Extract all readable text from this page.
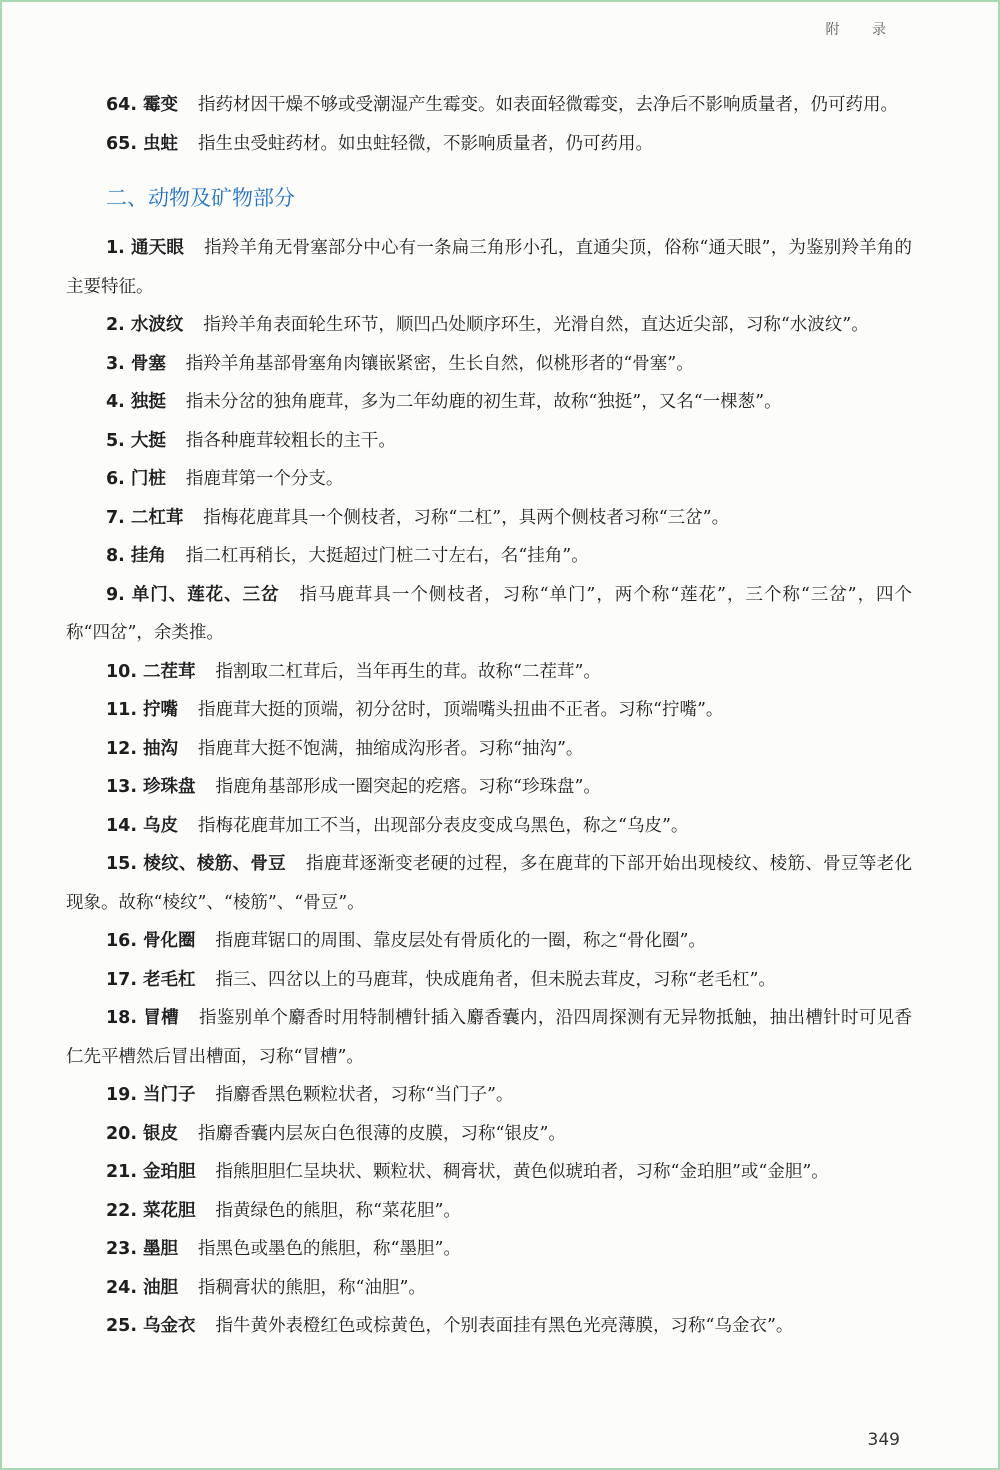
附 录

64. 霉变 指药材因干燥不够或受潮湿产生霉变。如表面轻微霉变，去净后不影响质量者，仍可药用。

65. 虫蛀 指生虫受蛀药材。如虫蛀轻微，不影响质量者，仍可药用。

二、动物及矿物部分

1. 通天眼 指羚羊角无骨塞部分中心有一条扁三角形小孔，直通尖顶，俗称“通天眼”，为鉴别羚羊角的主要特征。

2. 水波纹 指羚羊角表面轮生环节，顺凹凸处顺序环生，光滑自然，直达近尖部，习称“水波纹”。

3. 骨塞 指羚羊角基部骨塞角肉镶嵌紧密，生长自然，似桃形者的“骨塞”。

4. 独挺 指未分岔的独角鹿茸，多为二年幼鹿的初生茸，故称“独挺”，又名“一棵葱”。

5. 大挺 指各种鹿茸较粗长的主干。

6. 门桩 指鹿茸第一个分支。

7. 二杠茸 指梅花鹿茸具一个侧枝者，习称“二杠”，具两个侧枝者习称“三岔”。

8. 挂角 指二杠再稍长，大挺超过门桩二寸左右，名“挂角”。

9. 单门、莲花、三岔 指马鹿茸具一个侧枝者，习称“单门”，两个称“莲花”，三个称“三岔”，四个称“四岔”，余类推。

10. 二茬茸 指割取二杠茸后，当年再生的茸。故称“二茬茸”。

11. 拧嘴 指鹿茸大挺的顶端，初分岔时，顶端嘴头扭曲不正者。习称“拧嘴”。

12. 抽沟 指鹿茸大挺不饱满，抽缩成沟形者。习称“抽沟”。

13. 珍珠盘 指鹿角基部形成一圈突起的疙瘩。习称“珍珠盘”。

14. 乌皮 指梅花鹿茸加工不当，出现部分表皮变成乌黑色，称之“乌皮”。

15. 棱纹、棱筋、骨豆 指鹿茸逐渐变老硬的过程，多在鹿茸的下部开始出现棱纹、棱筋、骨豆等老化现象。故称“棱纹”、“棱筋”、“骨豆”。

16. 骨化圈 指鹿茸锯口的周围、靠皮层处有骨质化的一圈，称之“骨化圈”。

17. 老毛杠 指三、四岔以上的马鹿茸，快成鹿角者，但未脱去茸皮，习称“老毛杠”。

18. 冒槽 指鉴别单个麝香时用特制槽针插入麝香囊内，沿四周探测有无异物抵触，抽出槽针时可见香仁先平槽然后冒出槽面，习称“冒槽”。

19. 当门子 指麝香黑色颗粒状者，习称“当门子”。

20. 银皮 指麝香囊内层灰白色很薄的皮膜，习称“银皮”。

21. 金珀胆 指熊胆胆仁呈块状、颗粒状、稠膏状，黄色似琥珀者，习称“金珀胆”或“金胆”。

22. 菜花胆 指黄绿色的熊胆，称“菜花胆”。

23. 墨胆 指黑色或墨色的熊胆，称“墨胆”。

24. 油胆 指稠膏状的熊胆，称“油胆”。

25. 乌金衣 指牛黄外表橙红色或棕黄色，个别表面挂有黑色光亮薄膜，习称“乌金衣”。

349
